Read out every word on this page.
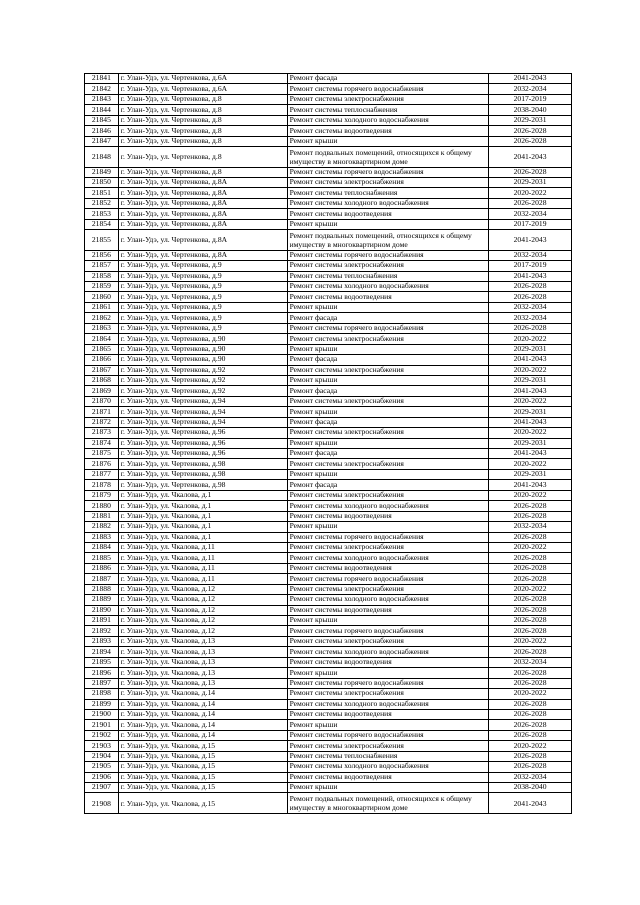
21841	г. Улан-Удэ, ул. Чертенкова, д.6А	Ремонт фасада	2041-2043
21842	г. Улан-Удэ, ул. Чертенкова, д.6А	Ремонт системы горячего водоснабжения	2032-2034
21843	г. Улан-Удэ, ул. Чертенкова, д.8	Ремонт системы электроснабжения	2017-2019
21844	г. Улан-Удэ, ул. Чертенкова, д.8	Ремонт системы теплоснабжения	2038-2040
21845	г. Улан-Удэ, ул. Чертенкова, д.8	Ремонт системы холодного водоснабжения	2029-2031
21846	г. Улан-Удэ, ул. Чертенкова, д.8	Ремонт системы водоотведения	2026-2028
21847	г. Улан-Удэ, ул. Чертенкова, д.8	Ремонт крыши	2026-2028
21848	г. Улан-Удэ, ул. Чертенкова, д.8	Ремонт подвальных помещений, относящихся к общему имуществу в многоквартирном доме	2041-2043
21849	г. Улан-Удэ, ул. Чертенкова, д.8	Ремонт системы горячего водоснабжения	2026-2028
21850	г. Улан-Удэ, ул. Чертенкова, д.8А	Ремонт системы электроснабжения	2029-2031
21851	г. Улан-Удэ, ул. Чертенкова, д.8А	Ремонт системы теплоснабжения	2020-2022
21852	г. Улан-Удэ, ул. Чертенкова, д.8А	Ремонт системы холодного водоснабжения	2026-2028
21853	г. Улан-Удэ, ул. Чертенкова, д.8А	Ремонт системы водоотведения	2032-2034
21854	г. Улан-Удэ, ул. Чертенкова, д.8А	Ремонт крыши	2017-2019
21855	г. Улан-Удэ, ул. Чертенкова, д.8А	Ремонт подвальных помещений, относящихся к общему имуществу в многоквартирном доме	2041-2043
21856	г. Улан-Удэ, ул. Чертенкова, д.8А	Ремонт системы горячего водоснабжения	2032-2034
21857	г. Улан-Удэ, ул. Чертенкова, д.9	Ремонт системы электроснабжения	2017-2019
21858	г. Улан-Удэ, ул. Чертенкова, д.9	Ремонт системы теплоснабжения	2041-2043
21859	г. Улан-Удэ, ул. Чертенкова, д.9	Ремонт системы холодного водоснабжения	2026-2028
21860	г. Улан-Удэ, ул. Чертенкова, д.9	Ремонт системы водоотведения	2026-2028
21861	г. Улан-Удэ, ул. Чертенкова, д.9	Ремонт крыши	2032-2034
21862	г. Улан-Удэ, ул. Чертенкова, д.9	Ремонт фасада	2032-2034
21863	г. Улан-Удэ, ул. Чертенкова, д.9	Ремонт системы горячего водоснабжения	2026-2028
21864	г. Улан-Удэ, ул. Чертенкова, д.90	Ремонт системы электроснабжения	2020-2022
21865	г. Улан-Удэ, ул. Чертенкова, д.90	Ремонт крыши	2029-2031
21866	г. Улан-Удэ, ул. Чертенкова, д.90	Ремонт фасада	2041-2043
21867	г. Улан-Удэ, ул. Чертенкова, д.92	Ремонт системы электроснабжения	2020-2022
21868	г. Улан-Удэ, ул. Чертенкова, д.92	Ремонт крыши	2029-2031
21869	г. Улан-Удэ, ул. Чертенкова, д.92	Ремонт фасада	2041-2043
21870	г. Улан-Удэ, ул. Чертенкова, д.94	Ремонт системы электроснабжения	2020-2022
21871	г. Улан-Удэ, ул. Чертенкова, д.94	Ремонт крыши	2029-2031
21872	г. Улан-Удэ, ул. Чертенкова, д.94	Ремонт фасада	2041-2043
21873	г. Улан-Удэ, ул. Чертенкова, д.96	Ремонт системы электроснабжения	2020-2022
21874	г. Улан-Удэ, ул. Чертенкова, д.96	Ремонт крыши	2029-2031
21875	г. Улан-Удэ, ул. Чертенкова, д.96	Ремонт фасада	2041-2043
21876	г. Улан-Удэ, ул. Чертенкова, д.98	Ремонт системы электроснабжения	2020-2022
21877	г. Улан-Удэ, ул. Чертенкова, д.98	Ремонт крыши	2029-2031
21878	г. Улан-Удэ, ул. Чертенкова, д.98	Ремонт фасада	2041-2043
21879	г. Улан-Удэ, ул. Чкалова, д.1	Ремонт системы электроснабжения	2020-2022
21880	г. Улан-Удэ, ул. Чкалова, д.1	Ремонт системы холодного водоснабжения	2026-2028
21881	г. Улан-Удэ, ул. Чкалова, д.1	Ремонт системы водоотведения	2026-2028
21882	г. Улан-Удэ, ул. Чкалова, д.1	Ремонт крыши	2032-2034
21883	г. Улан-Удэ, ул. Чкалова, д.1	Ремонт системы горячего водоснабжения	2026-2028
21884	г. Улан-Удэ, ул. Чкалова, д.11	Ремонт системы электроснабжения	2020-2022
21885	г. Улан-Удэ, ул. Чкалова, д.11	Ремонт системы холодного водоснабжения	2026-2028
21886	г. Улан-Удэ, ул. Чкалова, д.11	Ремонт системы водоотведения	2026-2028
21887	г. Улан-Удэ, ул. Чкалова, д.11	Ремонт системы горячего водоснабжения	2026-2028
21888	г. Улан-Удэ, ул. Чкалова, д.12	Ремонт системы электроснабжения	2020-2022
21889	г. Улан-Удэ, ул. Чкалова, д.12	Ремонт системы холодного водоснабжения	2026-2028
21890	г. Улан-Удэ, ул. Чкалова, д.12	Ремонт системы водоотведения	2026-2028
21891	г. Улан-Удэ, ул. Чкалова, д.12	Ремонт крыши	2026-2028
21892	г. Улан-Удэ, ул. Чкалова, д.12	Ремонт системы горячего водоснабжения	2026-2028
21893	г. Улан-Удэ, ул. Чкалова, д.13	Ремонт системы электроснабжения	2020-2022
21894	г. Улан-Удэ, ул. Чкалова, д.13	Ремонт системы холодного водоснабжения	2026-2028
21895	г. Улан-Удэ, ул. Чкалова, д.13	Ремонт системы водоотведения	2032-2034
21896	г. Улан-Удэ, ул. Чкалова, д.13	Ремонт крыши	2026-2028
21897	г. Улан-Удэ, ул. Чкалова, д.13	Ремонт системы горячего водоснабжения	2026-2028
21898	г. Улан-Удэ, ул. Чкалова, д.14	Ремонт системы электроснабжения	2020-2022
21899	г. Улан-Удэ, ул. Чкалова, д.14	Ремонт системы холодного водоснабжения	2026-2028
21900	г. Улан-Удэ, ул. Чкалова, д.14	Ремонт системы водоотведения	2026-2028
21901	г. Улан-Удэ, ул. Чкалова, д.14	Ремонт крыши	2026-2028
21902	г. Улан-Удэ, ул. Чкалова, д.14	Ремонт системы горячего водоснабжения	2026-2028
21903	г. Улан-Удэ, ул. Чкалова, д.15	Ремонт системы электроснабжения	2020-2022
21904	г. Улан-Удэ, ул. Чкалова, д.15	Ремонт системы теплоснабжения	2026-2028
21905	г. Улан-Удэ, ул. Чкалова, д.15	Ремонт системы холодного водоснабжения	2026-2028
21906	г. Улан-Удэ, ул. Чкалова, д.15	Ремонт системы водоотведения	2032-2034
21907	г. Улан-Удэ, ул. Чкалова, д.15	Ремонт крыши	2038-2040
21908	г. Улан-Удэ, ул. Чкалова, д.15	Ремонт подвальных помещений, относящихся к общему имуществу в многоквартирном доме	2041-2043
